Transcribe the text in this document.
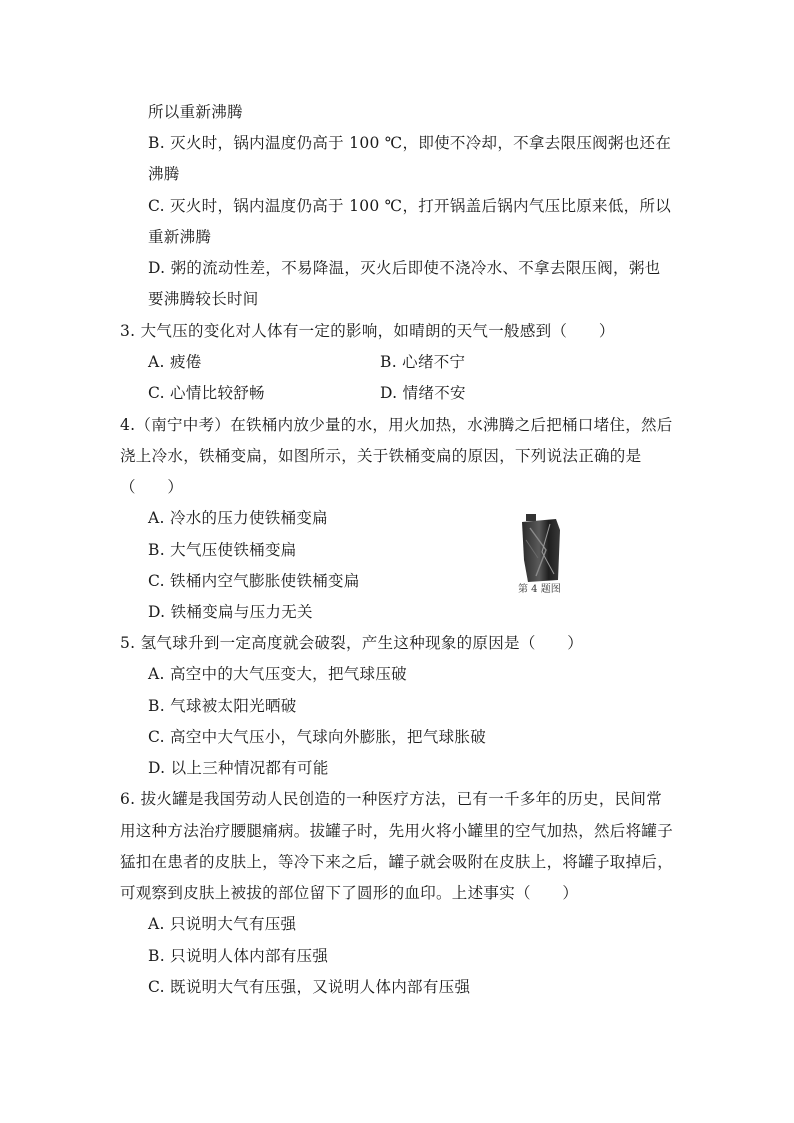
所以重新沸腾
B. 灭火时，锅内温度仍高于 100 ℃，即使不冷却，不拿去限压阀粥也还在
沸腾
C. 灭火时，锅内温度仍高于 100 ℃，打开锅盖后锅内气压比原来低，所以
重新沸腾
D. 粥的流动性差，不易降温，灭火后即使不浇冷水、不拿去限压阀，粥也
要沸腾较长时间
3. 大气压的变化对人体有一定的影响，如晴朗的天气一般感到（　　）
A. 疲倦	B. 心绪不宁
C. 心情比较舒畅	D. 情绪不安
4.（南宁中考）在铁桶内放少量的水，用火加热，水沸腾之后把桶口堵住，然后
浇上冷水，铁桶变扁，如图所示，关于铁桶变扁的原因，下列说法正确的是
（　　）
A. 冷水的压力使铁桶变扁
B. 大气压使铁桶变扁
C. 铁桶内空气膨胀使铁桶变扁
D. 铁桶变扁与压力无关
第 4 题图
5. 氢气球升到一定高度就会破裂，产生这种现象的原因是（　　）
A. 高空中的大气压变大，把气球压破
B. 气球被太阳光晒破
C. 高空中大气压小，气球向外膨胀，把气球胀破
D. 以上三种情况都有可能
6. 拔火罐是我国劳动人民创造的一种医疗方法，已有一千多年的历史，民间常
用这种方法治疗腰腿痛病。拔罐子时，先用火将小罐里的空气加热，然后将罐子
猛扣在患者的皮肤上，等冷下来之后，罐子就会吸附在皮肤上，将罐子取掉后，
可观察到皮肤上被拔的部位留下了圆形的血印。上述事实（　　）
A. 只说明大气有压强
B. 只说明人体内部有压强
C. 既说明大气有压强，又说明人体内部有压强
